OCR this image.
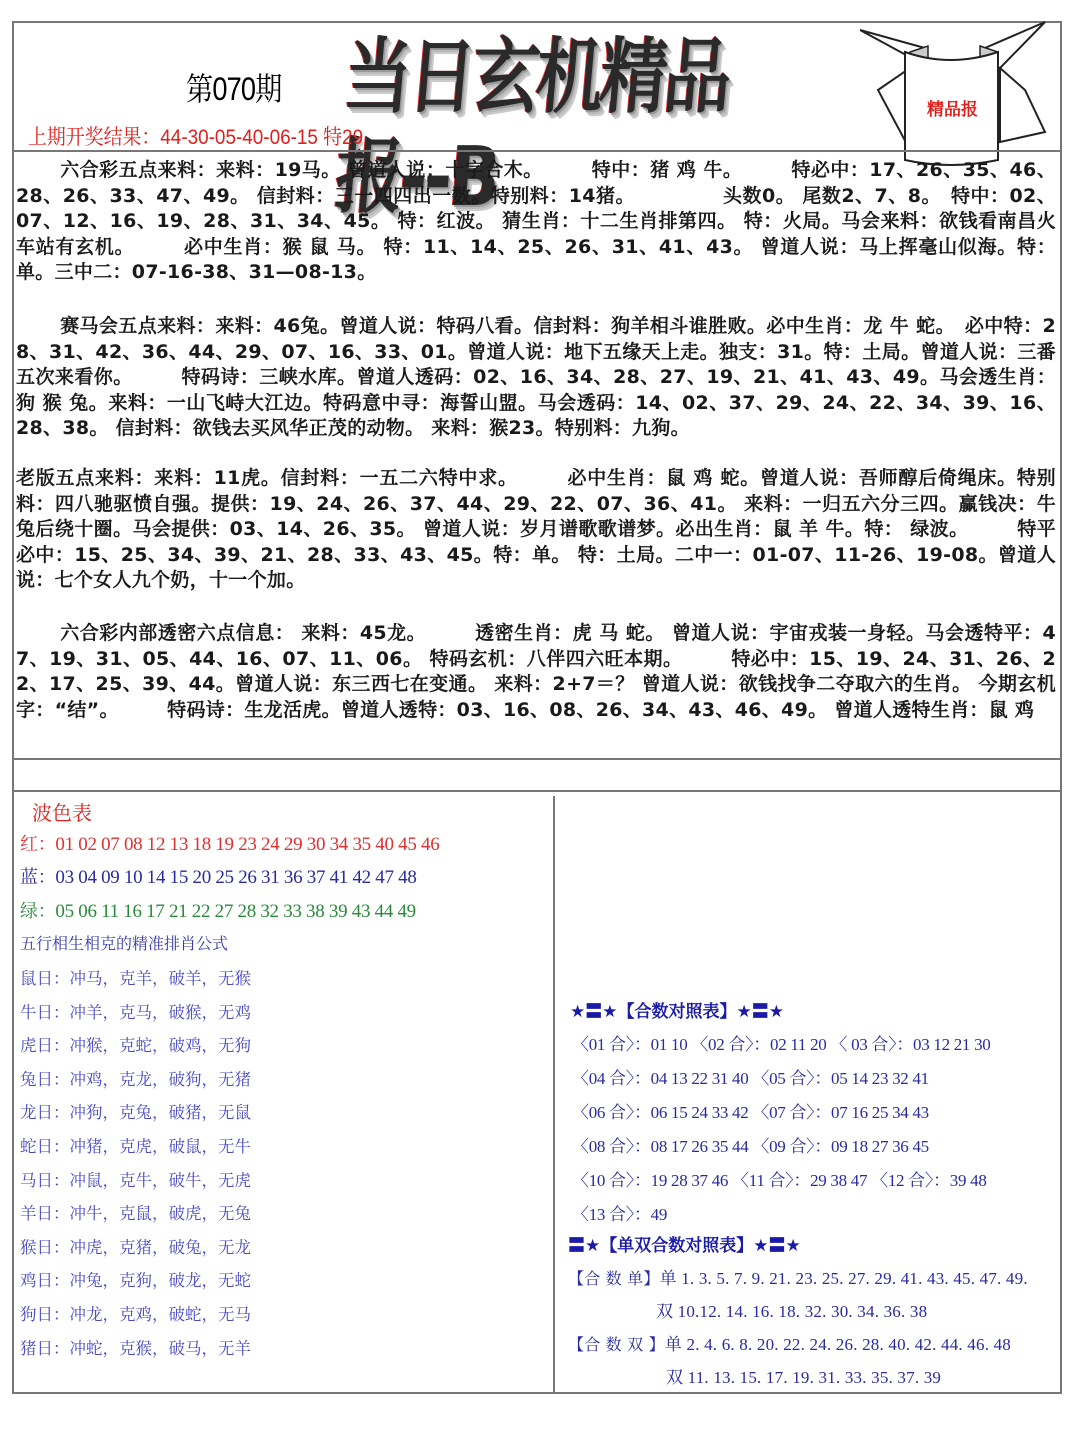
第070期 当日玄机精品报--B
精品报
上期开奖结果：44-30-05-40-06-15 特29
六合彩五点来料：来料：19马。 曾道人说：十字合木。　　　特中：猪 鸡 牛。　　　特必中：17、26、35、46、28、26、33、47、49。 信封料：三一四四出一数。特别料：14猪。　　　　　头数0。 尾数2、7、8。　特中：02、07、12、16、19、28、31、34、45。 特：红波。 猜生肖：十二生肖排第四。 特：火局。马会来料：欲钱看南昌火车站有玄机。　　　必中生肖：猴 鼠 马。 特：11、14、25、26、31、41、43。 曾道人说：马上挥毫山似海。特：单。三中二：07-16-38、31—08-13。
赛马会五点来料：来料：46兔。曾道人说：特码八看。信封料：狗羊相斗谁胜败。必中生肖：龙 牛 蛇。　必中特：28、31、42、36、44、29、07、16、33、01。曾道人说：地下五缘天上走。独支：31。特：土局。曾道人说：三番五次来看你。　　　特码诗：三峡水库。曾道人透码：02、16、34、28、27、19、21、41、43、49。马会透生肖：狗 猴 兔。来料：一山飞峙大江边。特码意中寻：海誓山盟。马会透码：14、02、37、29、24、22、34、39、16、28、38。 信封料：欲钱去买风华正茂的动物。 来料：猴23。特别料：九狗。
老版五点来料：来料：11虎。信封料：一五二六特中求。　　　必中生肖：鼠 鸡 蛇。曾道人说：吾师醇后倚绳床。特别料：四八驰驱愤自强。提供：19、24、26、37、44、29、22、07、36、41。 来料：一归五六分三四。赢钱决：牛兔后绕十圈。马会提供：03、14、26、35。 曾道人说：岁月谱歌歌谱梦。必出生肖：鼠 羊 牛。特： 绿波。　　　特平必中：15、25、34、39、21、28、33、43、45。特：单。 特：土局。二中一：01-07、11-26、19-08。曾道人说：七个女人九个奶，十一个加。
六合彩内部透密六点信息： 来料：45龙。　　　透密生肖：虎 马 蛇。 曾道人说：宇宙戎装一身轻。马会透特平：47、19、31、05、44、16、07、11、06。 特码玄机：八伴四六旺本期。　　　特必中：15、19、24、31、26、22、17、25、39、44。曾道人说：东三西七在变通。 来料：2+7＝？ 曾道人说：欲钱找争二夺取六的生肖。 今期玄机字：“结”。　　　特码诗：生龙活虎。曾道人透特：03、16、08、26、34、43、46、49。 曾道人透特生肖：鼠 鸡
波色表
红：01 02 07 08 12 13 18 19 23 24 29 30 34 35 40 45 46
蓝：03 04 09 10 14 15 20 25 26 31 36 37 41 42 47 48
绿：05 06 11 16 17 21 22 27 28 32 33 38 39 43 44 49
五行相生相克的精准排肖公式
鼠日：冲马，克羊，破羊，无猴
牛日：冲羊，克马，破猴，无鸡
虎日：冲猴，克蛇，破鸡，无狗
兔日：冲鸡，克龙，破狗，无猪
龙日：冲狗，克兔，破猪，无鼠
蛇日：冲猪，克虎，破鼠，无牛
马日：冲鼠，克牛，破牛，无虎
羊日：冲牛，克鼠，破虎，无兔
猴日：冲虎，克猪，破兔，无龙
鸡日：冲兔，克狗，破龙，无蛇
狗日：冲龙，克鸡，破蛇，无马
猪日：冲蛇，克猴，破马，无羊
★〓★【合数对照表】★〓★
〈01 合〉：01 10 〈02 合〉：02 11 20 〈 03 合〉：03 12 21 30
〈04 合〉：04 13 22 31 40 〈05 合〉：05 14 23 32 41
〈06 合〉：06 15 24 33 42 〈07 合〉：07 16 25 34 43
〈08 合〉：08 17 26 35 44 〈09 合〉：09 18 27 36 45
〈10 合〉：19 28 37 46 〈11 合〉：29 38 47 〈12 合〉：39 48
〈13 合〉：49
〓★【单双合数对照表】★〓★
【合 数 单】单 1. 3. 5. 7. 9. 21. 23. 25. 27. 29. 41. 43. 45. 47. 49.
双 10.12. 14. 16. 18. 32. 30. 34. 36. 38
【合 数 双 】单 2. 4. 6. 8. 20. 22. 24. 26. 28. 40. 42. 44. 46. 48
双 11. 13. 15. 17. 19. 31. 33. 35. 37. 39
